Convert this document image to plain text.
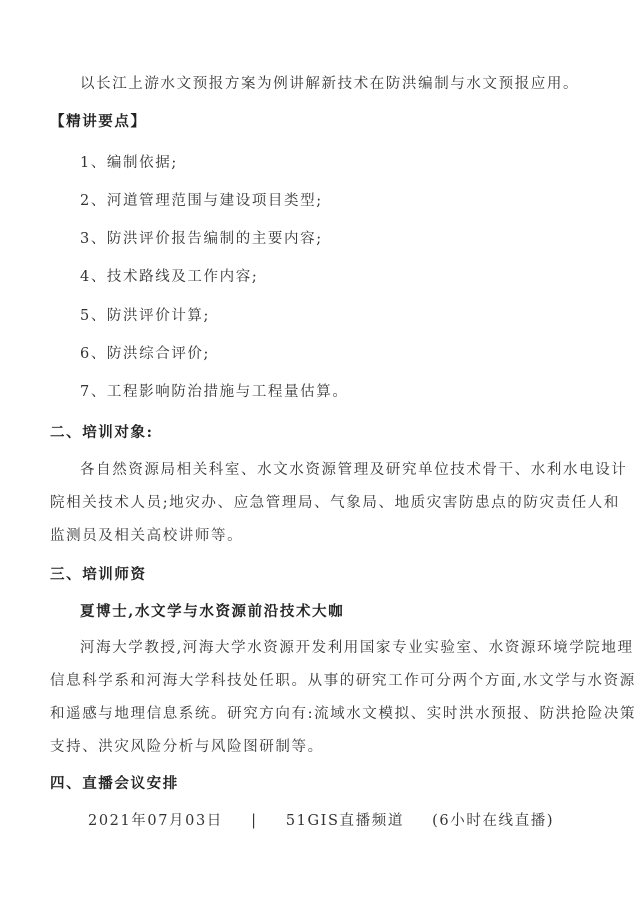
以长江上游水文预报方案为例讲解新技术在防洪编制与水文预报应用。
【精讲要点】
1、编制依据;
2、河道管理范围与建设项目类型;
3、防洪评价报告编制的主要内容;
4、技术路线及工作内容;
5、防洪评价计算;
6、防洪综合评价;
7、工程影响防治措施与工程量估算。
二、培训对象:
各自然资源局相关科室、水文水资源管理及研究单位技术骨干、水利水电设计
院相关技术人员;地灾办、应急管理局、气象局、地质灾害防患点的防灾责任人和
监测员及相关高校讲师等。
三、培训师资
夏博士,水文学与水资源前沿技术大咖
河海大学教授,河海大学水资源开发利用国家专业实验室、水资源环境学院地理
信息科学系和河海大学科技处任职。从事的研究工作可分两个方面,水文学与水资源
和遥感与地理信息系统。研究方向有:流域水文模拟、实时洪水预报、防洪抢险决策
支持、洪灾风险分析与风险图研制等。
四、直播会议安排
2021年07月03日 | 51GIS直播频道 (6小时在线直播)
